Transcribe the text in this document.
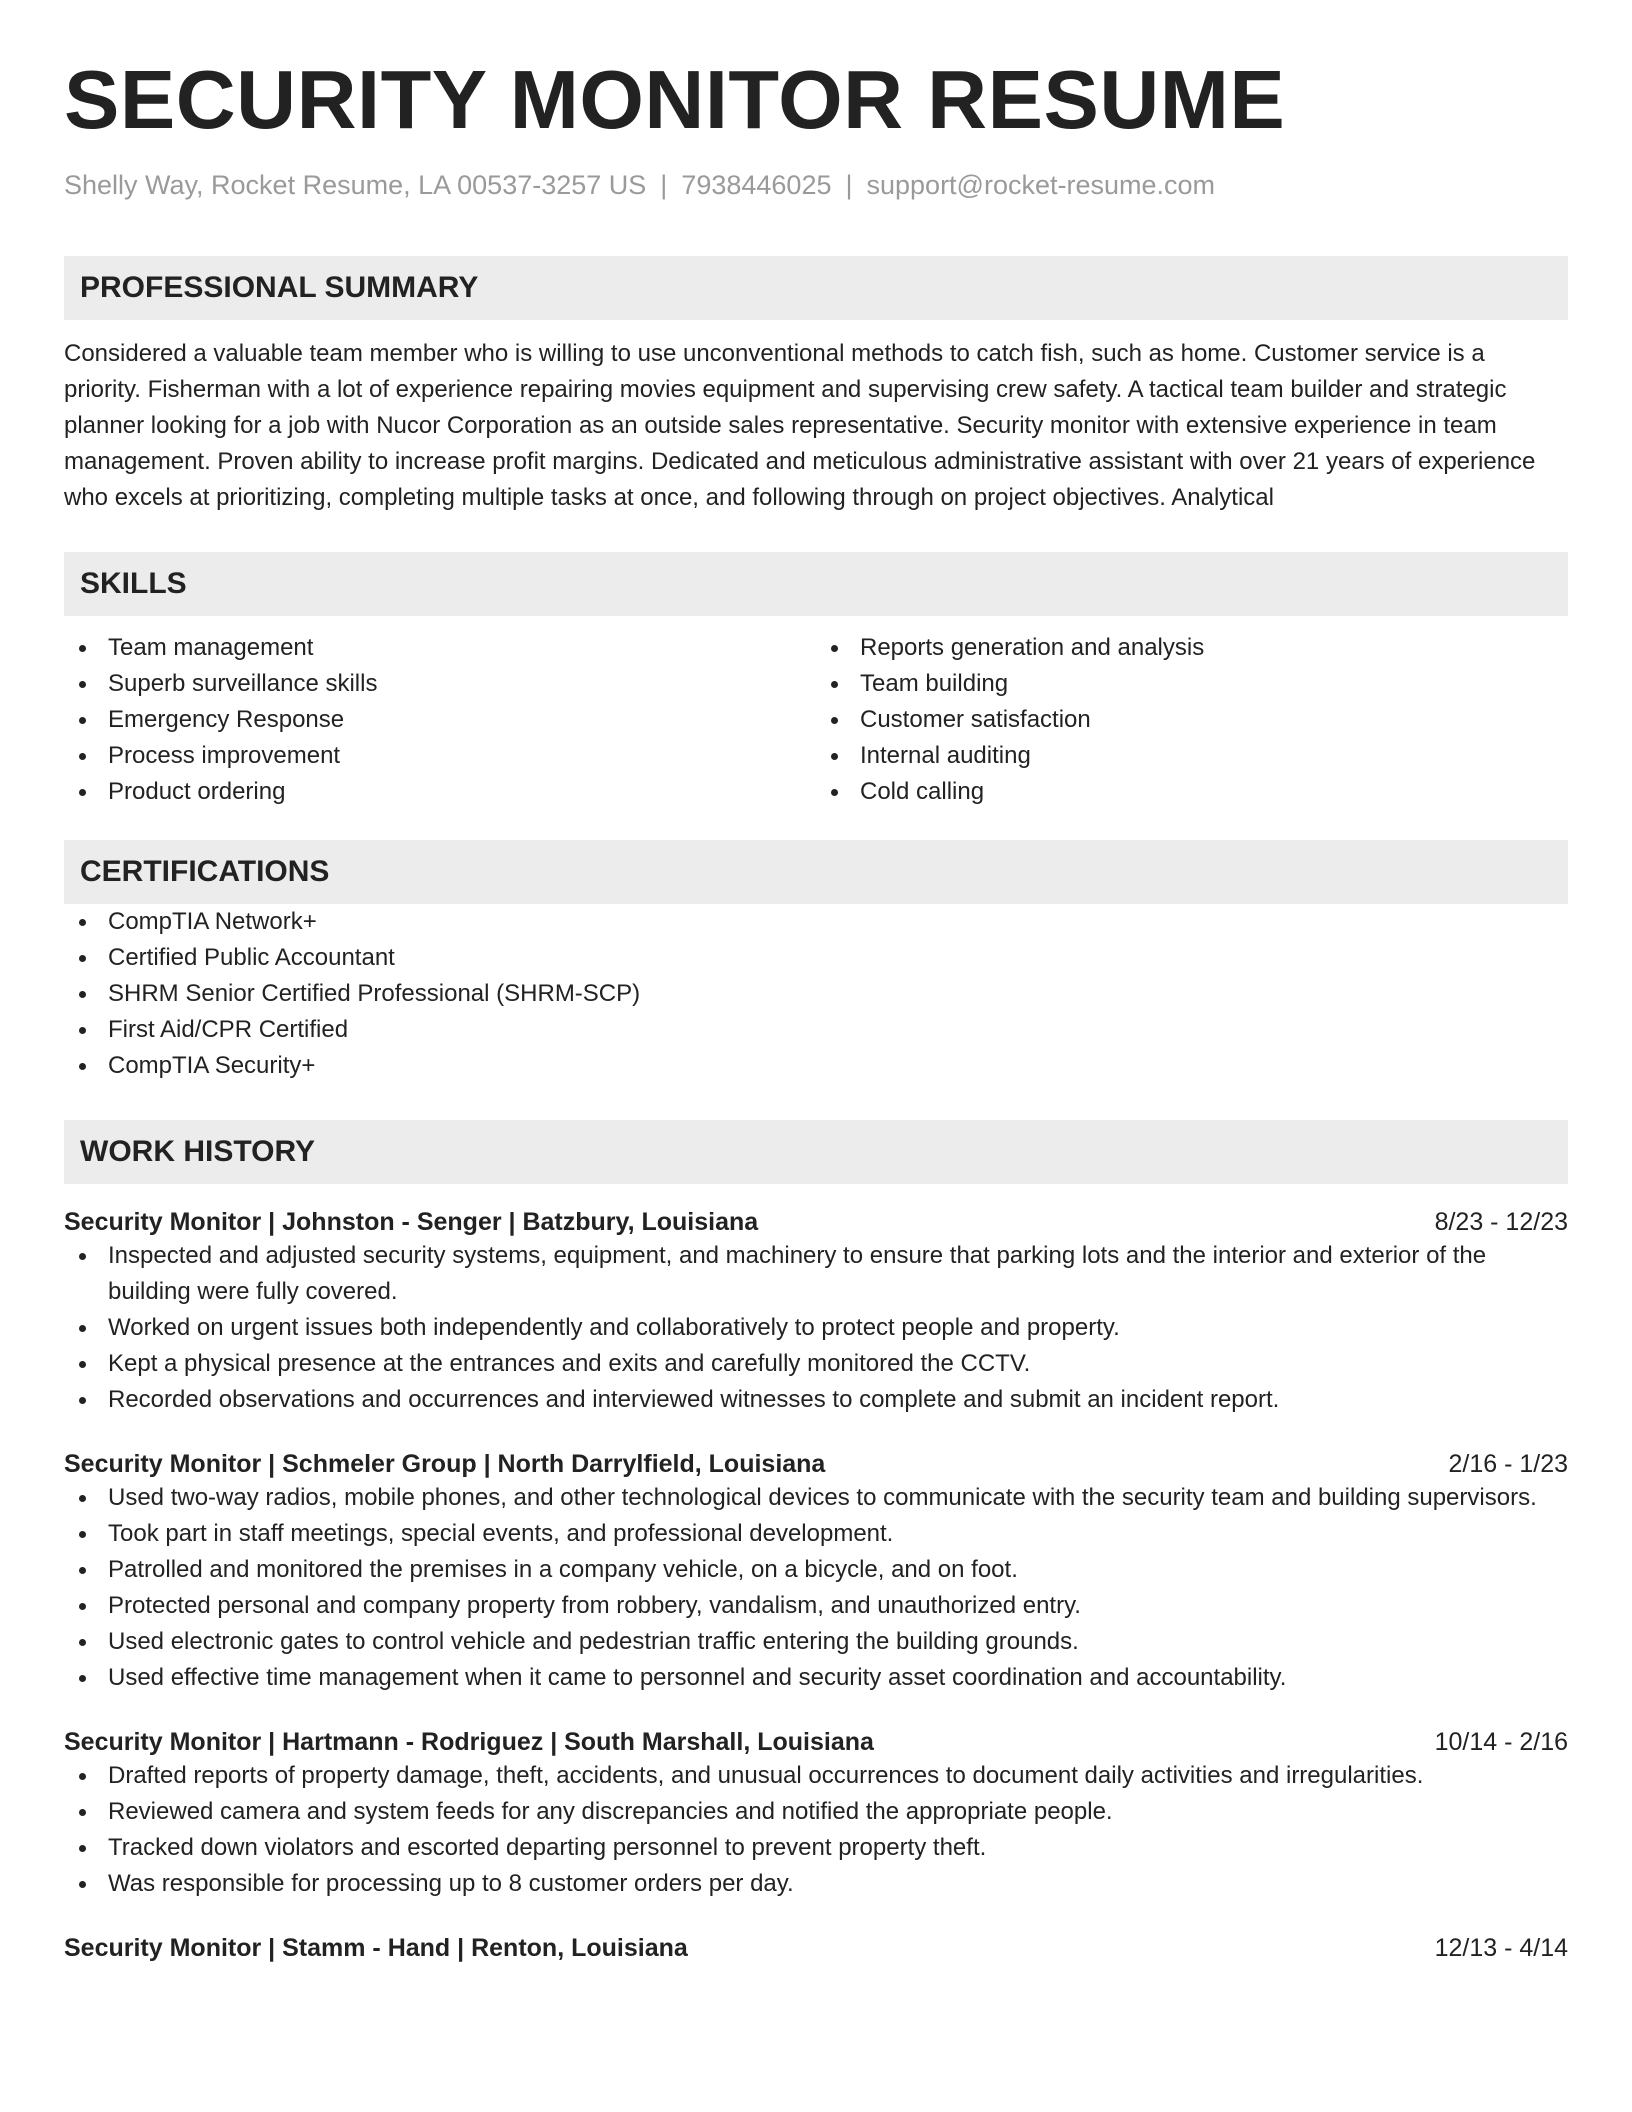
SECURITY MONITOR RESUME
Shelly Way, Rocket Resume, LA 00537-3257 US | 7938446025 | support@rocket-resume.com
PROFESSIONAL SUMMARY

Considered a valuable team member who is willing to use unconventional methods to catch fish, such as home. Customer service is a priority. Fisherman with a lot of experience repairing movies equipment and supervising crew safety. A tactical team builder and strategic planner looking for a job with Nucor Corporation as an outside sales representative. Security monitor with extensive experience in team management. Proven ability to increase profit margins. Dedicated and meticulous administrative assistant with over 21 years of experience who excels at prioritizing, completing multiple tasks at once, and following through on project objectives. Analytical

SKILLS
Team management
Superb surveillance skills
Emergency Response
Process improvement
Product ordering
Reports generation and analysis
Team building
Customer satisfaction
Internal auditing
Cold calling
CERTIFICATIONS
CompTIA Network+
Certified Public Accountant
SHRM Senior Certified Professional (SHRM-SCP)
First Aid/CPR Certified
CompTIA Security+
WORK HISTORY
Security Monitor | Johnston - Senger | Batzbury, Louisiana	8/23 - 12/23
Inspected and adjusted security systems, equipment, and machinery to ensure that parking lots and the interior and exterior of the building were fully covered.
Worked on urgent issues both independently and collaboratively to protect people and property.
Kept a physical presence at the entrances and exits and carefully monitored the CCTV.
Recorded observations and occurrences and interviewed witnesses to complete and submit an incident report.
Security Monitor | Schmeler Group | North Darrylfield, Louisiana	2/16 - 1/23
Used two-way radios, mobile phones, and other technological devices to communicate with the security team and building supervisors.
Took part in staff meetings, special events, and professional development.
Patrolled and monitored the premises in a company vehicle, on a bicycle, and on foot.
Protected personal and company property from robbery, vandalism, and unauthorized entry.
Used electronic gates to control vehicle and pedestrian traffic entering the building grounds.
Used effective time management when it came to personnel and security asset coordination and accountability.
Security Monitor | Hartmann - Rodriguez | South Marshall, Louisiana	10/14 - 2/16
Drafted reports of property damage, theft, accidents, and unusual occurrences to document daily activities and irregularities.
Reviewed camera and system feeds for any discrepancies and notified the appropriate people.
Tracked down violators and escorted departing personnel to prevent property theft.
Was responsible for processing up to 8 customer orders per day.
Security Monitor | Stamm - Hand | Renton, Louisiana	12/13 - 4/14
